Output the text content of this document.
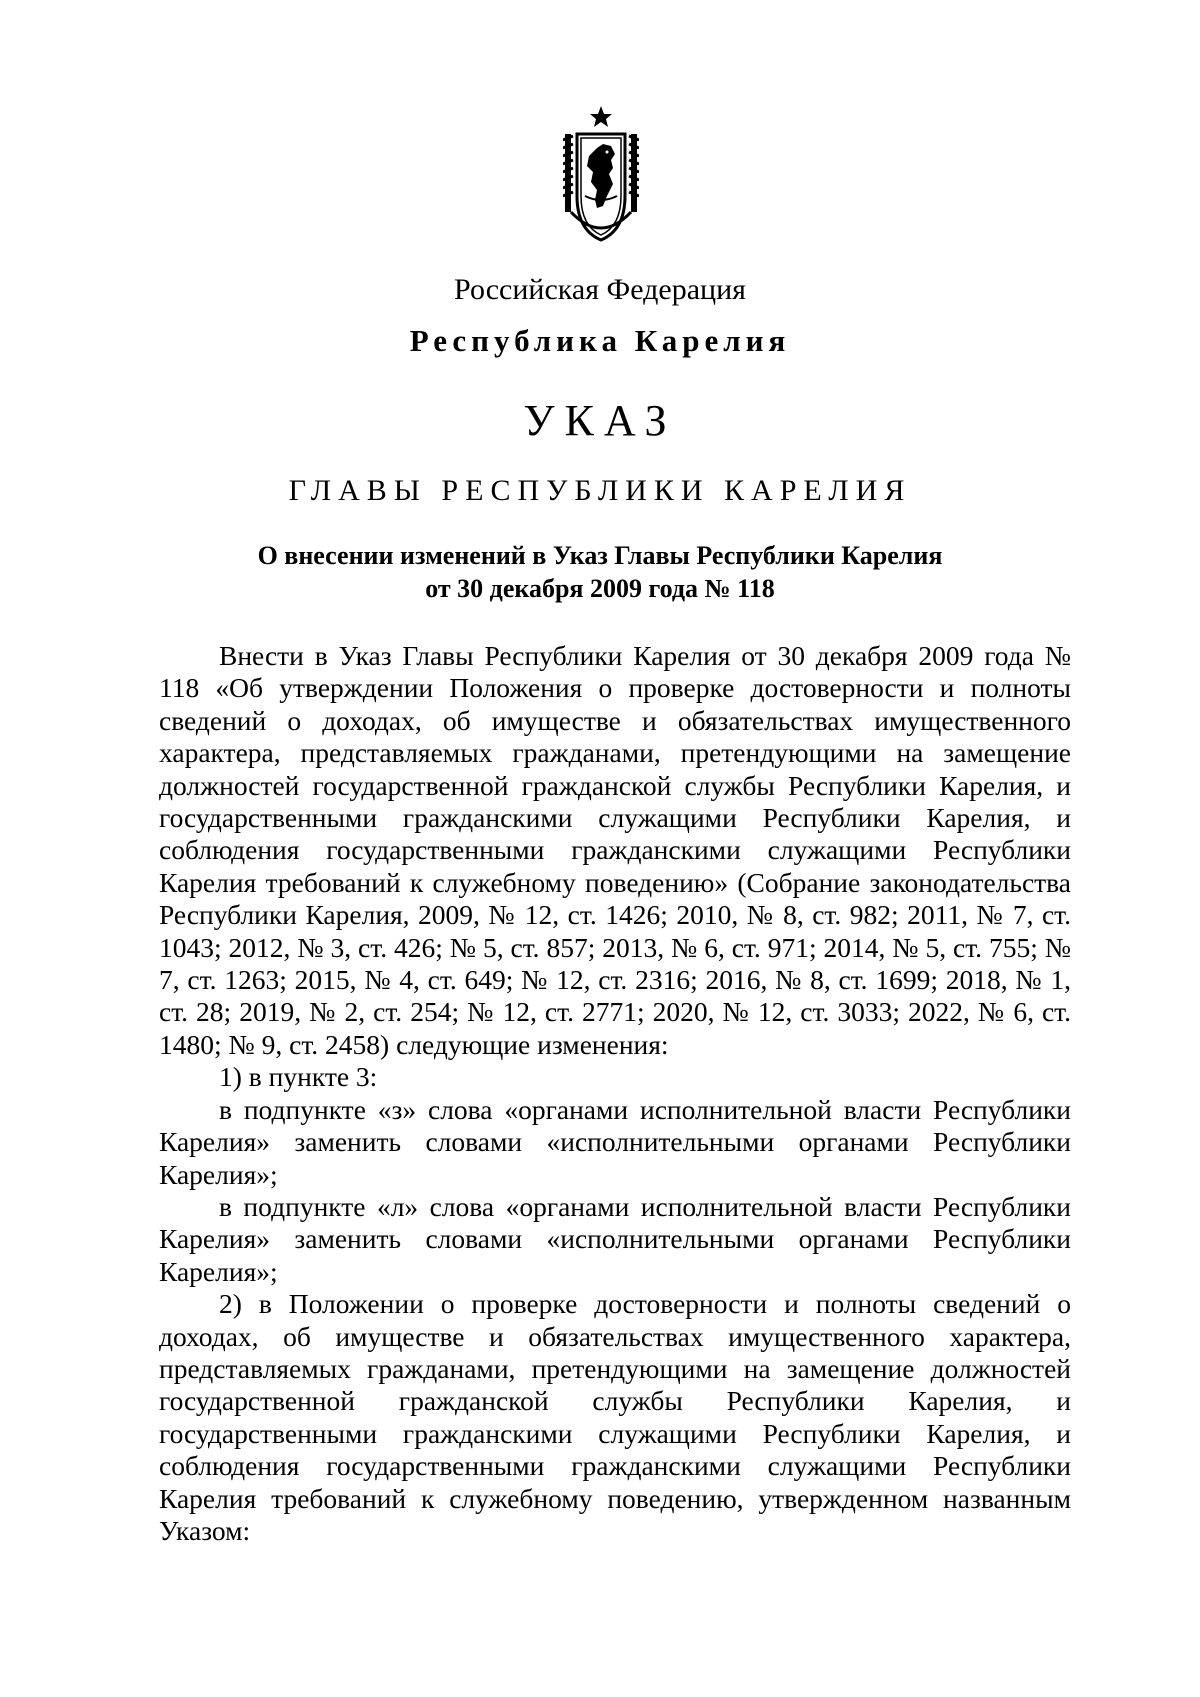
Российская Федерация
Республика Карелия
УКАЗ
ГЛАВЫ РЕСПУБЛИКИ КАРЕЛИЯ
О внесении изменений в Указ Главы Республики Карелия
от 30 декабря 2009 года № 118

Внести в Указ Главы Республики Карелия от 30 декабря 2009 года № 118 «Об утверждении Положения о проверке достоверности и полноты сведений о доходах, об имуществе и обязательствах имущественного характера, представляемых гражданами, претендующими на замещение должностей государственной гражданской службы Республики Карелия, и государственными гражданскими служащими Республики Карелия, и соблюдения государственными гражданскими служащими Республики Карелия требований к служебному поведению» (Собрание законодательства Республики Карелия, 2009, № 12, ст. 1426; 2010, № 8, ст. 982; 2011, № 7, ст. 1043; 2012, № 3, ст. 426; № 5, ст. 857; 2013, № 6, ст. 971; 2014, № 5, ст. 755; № 7, ст. 1263; 2015, № 4, ст. 649; № 12, ст. 2316; 2016, № 8, ст. 1699; 2018, № 1, ст. 28; 2019, № 2, ст. 254; № 12, ст. 2771; 2020, № 12, ст. 3033; 2022, № 6, ст. 1480; № 9, ст. 2458) следующие изменения:

1) в пункте 3:

в подпункте «з» слова «органами исполнительной власти Республики Карелия» заменить словами «исполнительными органами Республики Карелия»;

в подпункте «л» слова «органами исполнительной власти Республики Карелия» заменить словами «исполнительными органами Республики Карелия»;

2) в Положении о проверке достоверности и полноты сведений о доходах, об имуществе и обязательствах имущественного характера, представляемых гражданами, претендующими на замещение должностей государственной гражданской службы Республики Карелия, и государственными гражданскими служащими Республики Карелия, и соблюдения государственными гражданскими служащими Республики Карелия требований к служебному поведению, утвержденном названным Указом:
